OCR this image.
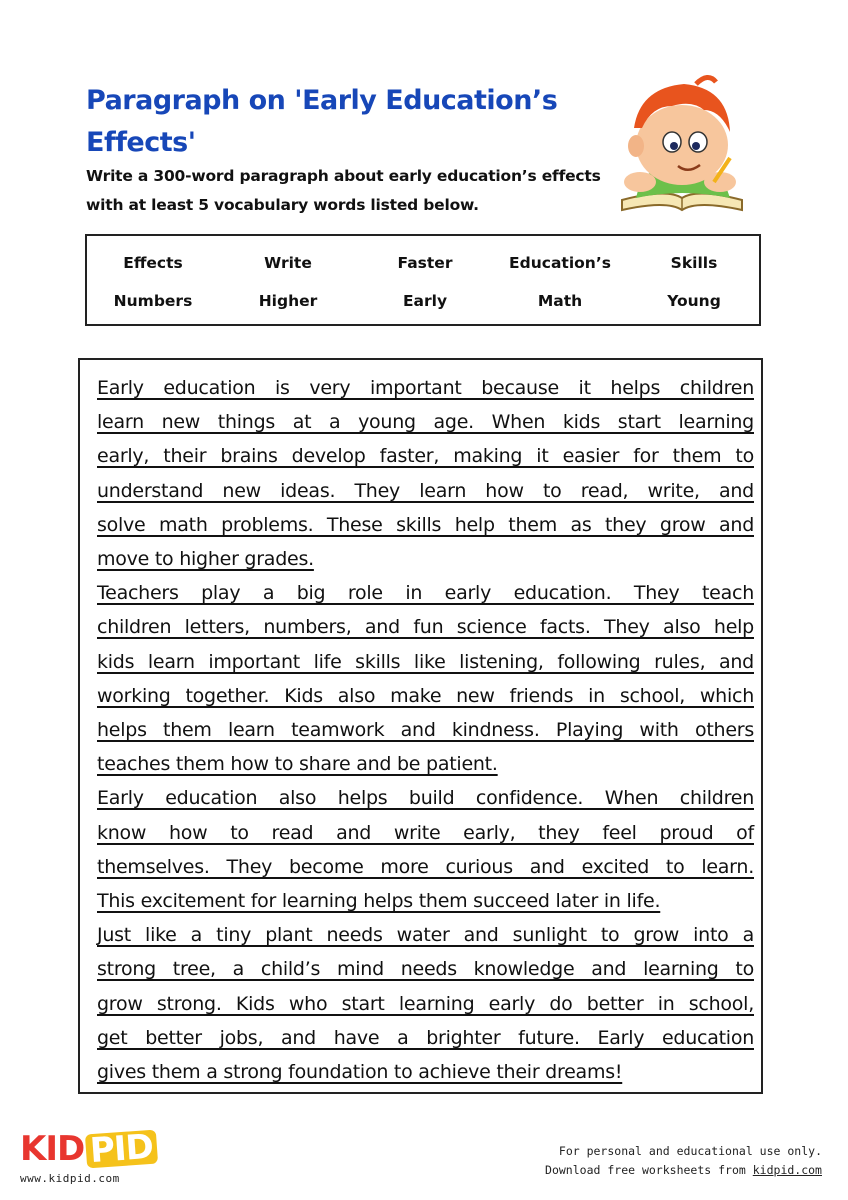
Paragraph on 'Early Education’s Effects'

Write a 300-word paragraph about early education’s effects with at least 5 vocabulary words listed below.

Effects	Write	Faster	Education’s	Skills
Numbers	Higher	Early	Math	Young
Early education is very important because it helps children
learn new things at a young age. When kids start learning
early, their brains develop faster, making it easier for them to
understand new ideas. They learn how to read, write, and
solve math problems. These skills help them as they grow and
move to higher grades.
Teachers play a big role in early education. They teach
children letters, numbers, and fun science facts. They also help
kids learn important life skills like listening, following rules, and
working together. Kids also make new friends in school, which
helps them learn teamwork and kindness. Playing with others
teaches them how to share and be patient.
Early education also helps build confidence. When children
know how to read and write early, they feel proud of
themselves. They become more curious and excited to learn.
This excitement for learning helps them succeed later in life.
Just like a tiny plant needs water and sunlight to grow into a
strong tree, a child’s mind needs knowledge and learning to
grow strong. Kids who start learning early do better in school,
get better jobs, and have a brighter future. Early education
gives them a strong foundation to achieve their dreams!
KID PID
www.kidpid.com
For personal and educational use only.
Download free worksheets from kidpid.com
